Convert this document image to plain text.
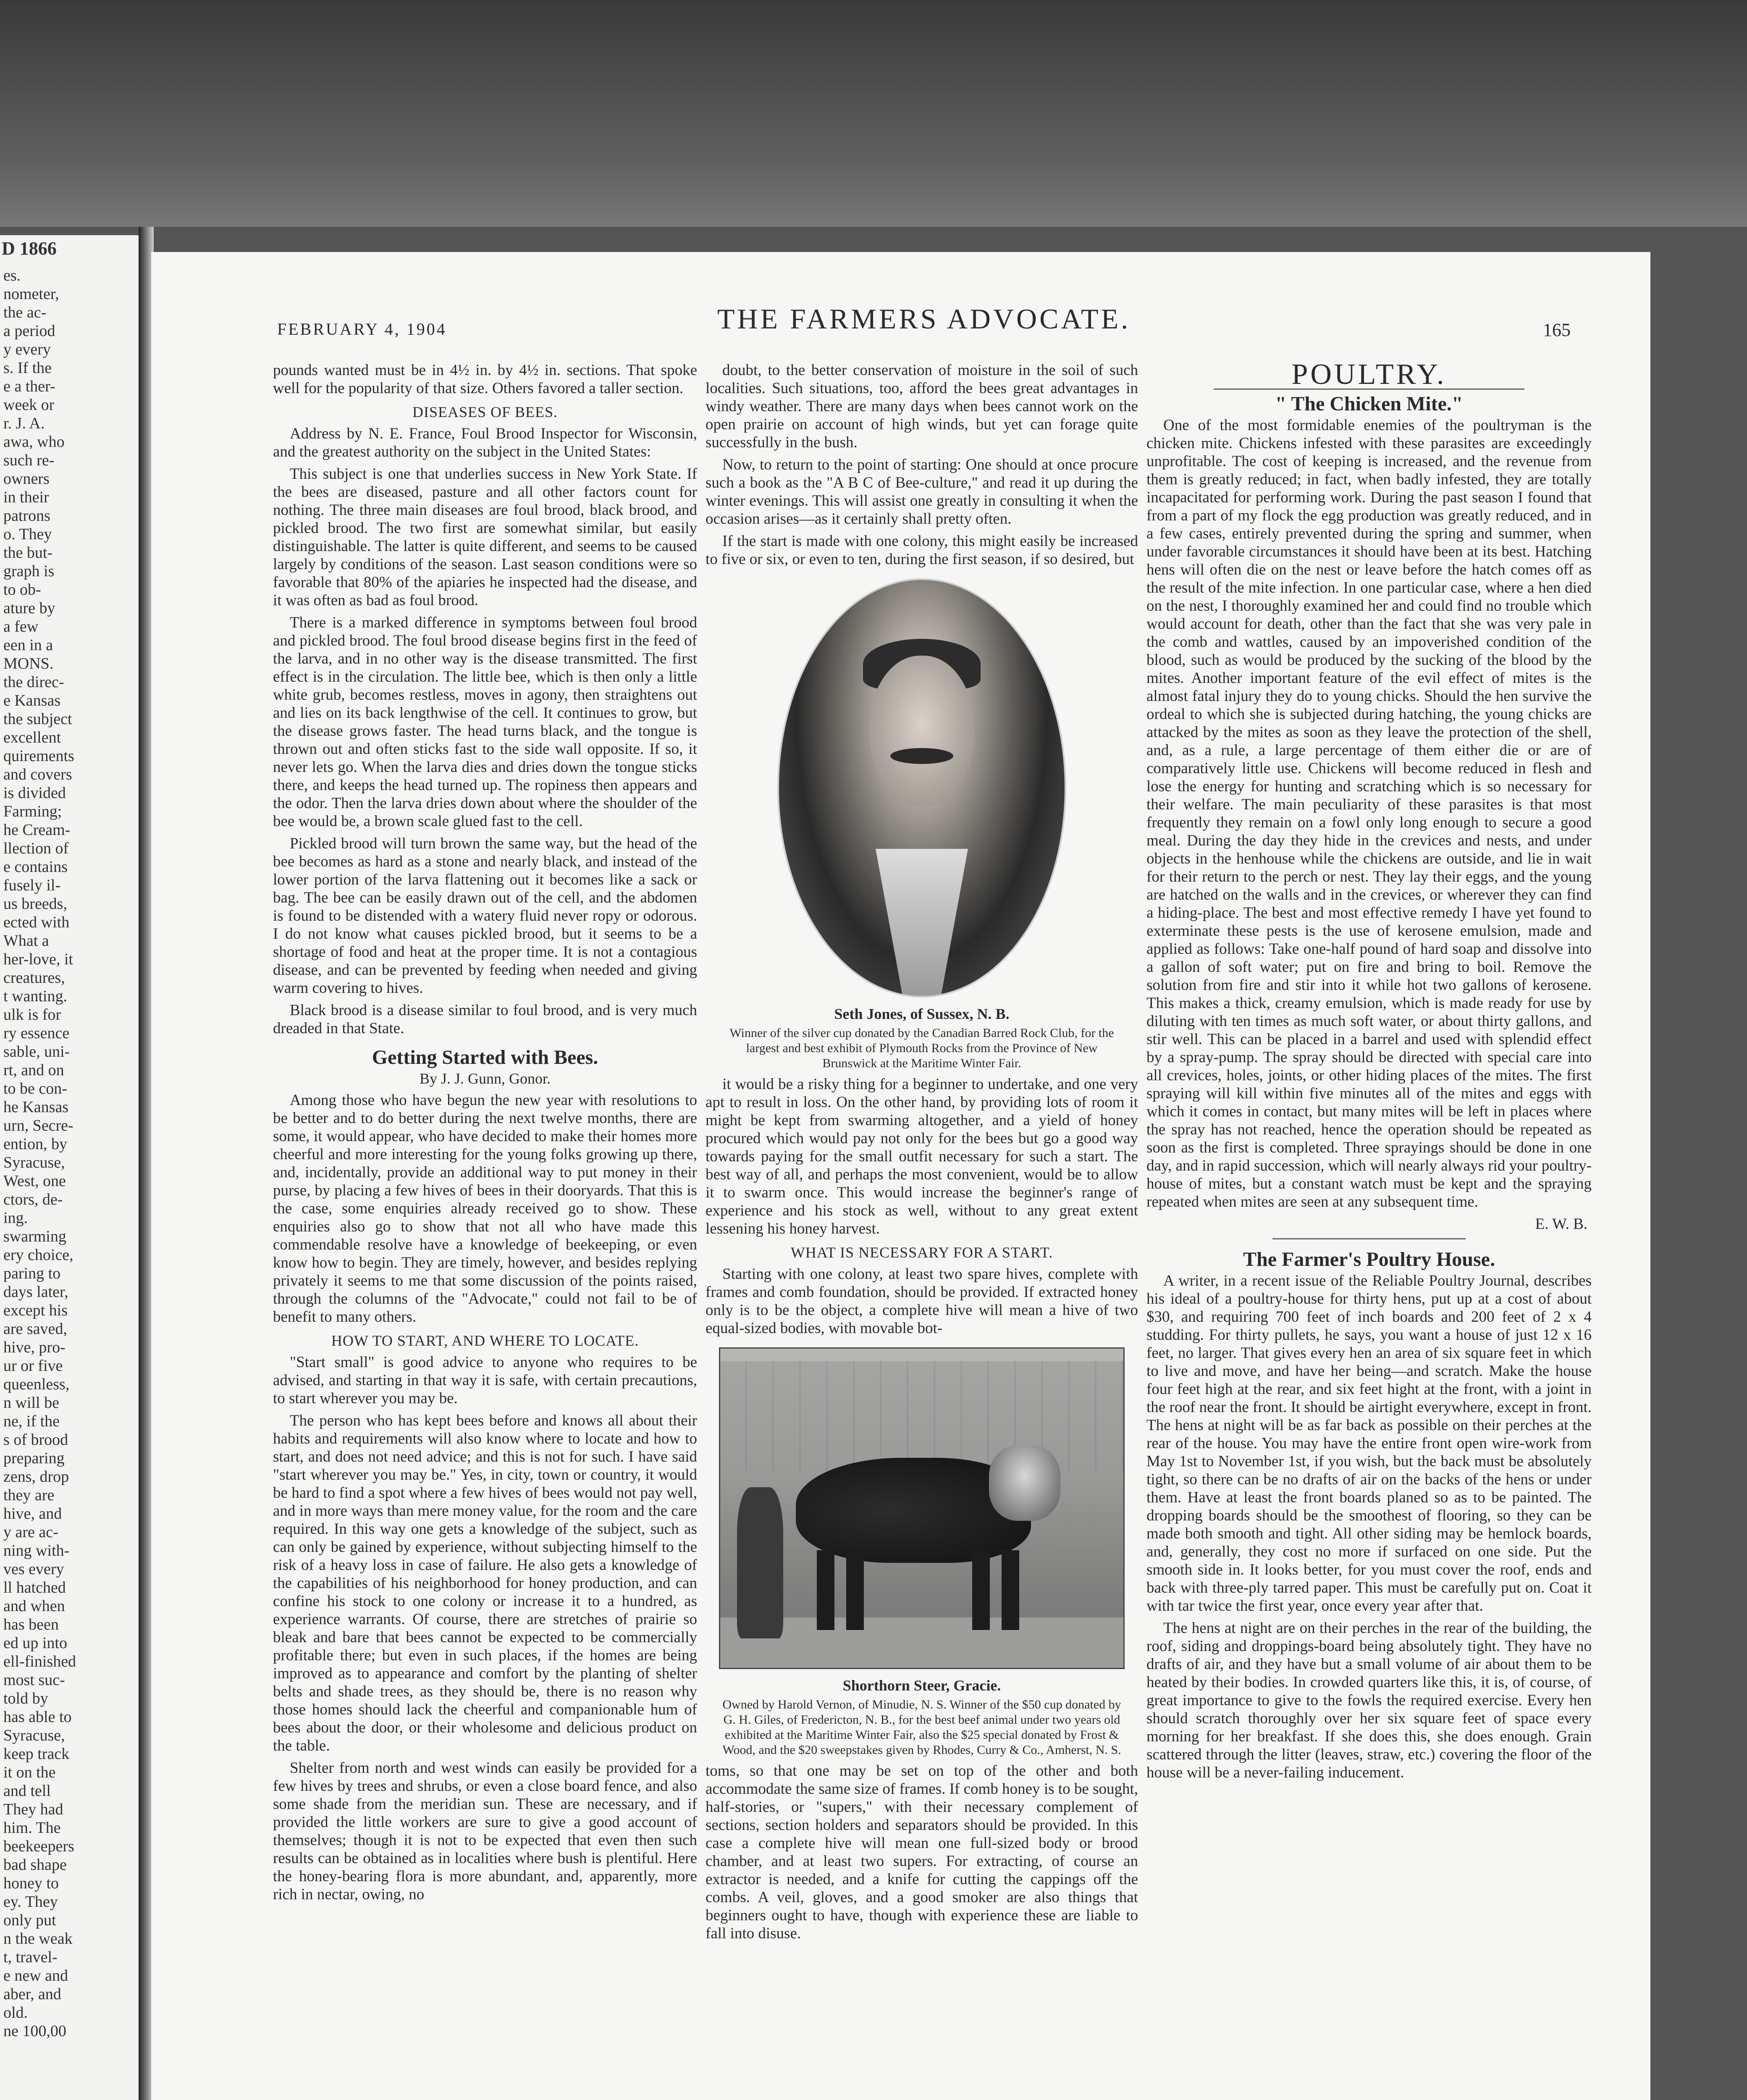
D 1866
es.
nometer,
the ac-
a period
y every
s. If the
e a ther-
week or
r. J. A.
awa, who
such re-
owners
in their
patrons
o. They
the but-
graph is
to ob-
ature by
a few
een in a
MONS.
the direc-
e Kansas
the subject
excellent
quirements
and covers
is divided
Farming;
he Cream-
llection of
e contains
fusely il-
us breeds,
ected with
What a
her-love, it
creatures,
t wanting.
ulk is for
ry essence
sable, uni-
rt, and on
to be con-
he Kansas
urn, Secre-
ention, by
Syracuse,
West, one
ctors, de-
ing.
swarming
ery choice,
paring to
days later,
except his
are saved,
hive, pro-
ur or five
queenless,
n will be
ne, if the
s of brood
preparing
zens, drop
they are
hive, and
y are ac-
ning with-
ves every
ll hatched
and when
has been
ed up into
ell-finished
most suc-
told by
has able to
Syracuse,
keep track
it on the
and tell
They had
him. The
beekeepers
bad shape
honey to
ey. They
only put
n the weak
t, travel-
e new and
aber, and
old.
ne 100,00
FEBRUARY 4, 1904	THE FARMERS ADVOCATE.	165

pounds wanted must be in 4½ in. by 4½ in. sections. That spoke well for the popularity of that size. Others favored a taller section.

DISEASES OF BEES.

Address by N. E. France, Foul Brood Inspector for Wisconsin, and the greatest authority on the subject in the United States:

This subject is one that underlies success in New York State. If the bees are diseased, pasture and all other factors count for nothing. The three main diseases are foul brood, black brood, and pickled brood. The two first are somewhat similar, but easily distinguishable. The latter is quite different, and seems to be caused largely by conditions of the season. Last season conditions were so favorable that 80% of the apiaries he inspected had the disease, and it was often as bad as foul brood.

There is a marked difference in symptoms between foul brood and pickled brood. The foul brood disease begins first in the feed of the larva, and in no other way is the disease transmitted. The first effect is in the circulation. The little bee, which is then only a little white grub, becomes restless, moves in agony, then straightens out and lies on its back lengthwise of the cell. It continues to grow, but the disease grows faster. The head turns black, and the tongue is thrown out and often sticks fast to the side wall opposite. If so, it never lets go. When the larva dies and dries down the tongue sticks there, and keeps the head turned up. The ropiness then appears and the odor. Then the larva dries down about where the shoulder of the bee would be, a brown scale glued fast to the cell.

Pickled brood will turn brown the same way, but the head of the bee becomes as hard as a stone and nearly black, and instead of the lower portion of the larva flattening out it becomes like a sack or bag. The bee can be easily drawn out of the cell, and the abdomen is found to be distended with a watery fluid never ropy or odorous. I do not know what causes pickled brood, but it seems to be a shortage of food and heat at the proper time. It is not a contagious disease, and can be prevented by feeding when needed and giving warm covering to hives.

Black brood is a disease similar to foul brood, and is very much dreaded in that State.

Getting Started with Bees.
By J. J. Gunn, Gonor.

Among those who have begun the new year with resolutions to be better and to do better during the next twelve months, there are some, it would appear, who have decided to make their homes more cheerful and more interesting for the young folks growing up there, and, incidentally, provide an additional way to put money in their purse, by placing a few hives of bees in their dooryards. That this is the case, some enquiries already received go to show. These enquiries also go to show that not all who have made this commendable resolve have a knowledge of beekeeping, or even know how to begin. They are timely, however, and besides replying privately it seems to me that some discussion of the points raised, through the columns of the "Advocate," could not fail to be of benefit to many others.

HOW TO START, AND WHERE TO LOCATE.

"Start small" is good advice to anyone who requires to be advised, and starting in that way it is safe, with certain precautions, to start wherever you may be.

The person who has kept bees before and knows all about their habits and requirements will also know where to locate and how to start, and does not need advice; and this is not for such. I have said "start wherever you may be." Yes, in city, town or country, it would be hard to find a spot where a few hives of bees would not pay well, and in more ways than mere money value, for the room and the care required. In this way one gets a knowledge of the subject, such as can only be gained by experience, without subjecting himself to the risk of a heavy loss in case of failure. He also gets a knowledge of the capabilities of his neighborhood for honey production, and can confine his stock to one colony or increase it to a hundred, as experience warrants. Of course, there are stretches of prairie so bleak and bare that bees cannot be expected to be commercially profitable there; but even in such places, if the homes are being improved as to appearance and comfort by the planting of shelter belts and shade trees, as they should be, there is no reason why those homes should lack the cheerful and companionable hum of bees about the door, or their wholesome and delicious product on the table.

Shelter from north and west winds can easily be provided for a few hives by trees and shrubs, or even a close board fence, and also some shade from the meridian sun. These are necessary, and if provided the little workers are sure to give a good account of themselves; though it is not to be expected that even then such results can be obtained as in localities where bush is plentiful. Here the honey-bearing flora is more abundant, and, apparently, more rich in nectar, owing, no

doubt, to the better conservation of moisture in the soil of such localities. Such situations, too, afford the bees great advantages in windy weather. There are many days when bees cannot work on the open prairie on account of high winds, but yet can forage quite successfully in the bush.

Now, to return to the point of starting: One should at once procure such a book as the "A B C of Bee-culture," and read it up during the winter evenings. This will assist one greatly in consulting it when the occasion arises—as it certainly shall pretty often.

If the start is made with one colony, this might easily be increased to five or six, or even to ten, during the first season, if so desired, but

Seth Jones, of Sussex, N. B.
Winner of the silver cup donated by the Canadian Barred Rock Club, for the largest and best exhibit of Plymouth Rocks from the Province of New Brunswick at the Maritime Winter Fair.

it would be a risky thing for a beginner to undertake, and one very apt to result in loss. On the other hand, by providing lots of room it might be kept from swarming altogether, and a yield of honey procured which would pay not only for the bees but go a good way towards paying for the small outfit necessary for such a start. The best way of all, and perhaps the most convenient, would be to allow it to swarm once. This would increase the beginner's range of experience and his stock as well, without to any great extent lessening his honey harvest.

WHAT IS NECESSARY FOR A START.

Starting with one colony, at least two spare hives, complete with frames and comb foundation, should be provided. If extracted honey only is to be the object, a complete hive will mean a hive of two equal-sized bodies, with movable bot-

Shorthorn Steer, Gracie.
Owned by Harold Vernon, of Minudie, N. S. Winner of the $50 cup donated by G. H. Giles, of Fredericton, N. B., for the best beef animal under two years old exhibited at the Maritime Winter Fair, also the $25 special donated by Frost & Wood, and the $20 sweepstakes given by Rhodes, Curry & Co., Amherst, N. S.

toms, so that one may be set on top of the other and both accommodate the same size of frames. If comb honey is to be sought, half-stories, or "supers," with their necessary complement of sections, section holders and separators should be provided. In this case a complete hive will mean one full-sized body or brood chamber, and at least two supers. For extracting, of course an extractor is needed, and a knife for cutting the cappings off the combs. A veil, gloves, and a good smoker are also things that beginners ought to have, though with experience these are liable to fall into disuse.

POULTRY.
" The Chicken Mite."

One of the most formidable enemies of the poultryman is the chicken mite. Chickens infested with these parasites are exceedingly unprofitable. The cost of keeping is increased, and the revenue from them is greatly reduced; in fact, when badly infested, they are totally incapacitated for performing work. During the past season I found that from a part of my flock the egg production was greatly reduced, and in a few cases, entirely prevented during the spring and summer, when under favorable circumstances it should have been at its best. Hatching hens will often die on the nest or leave before the hatch comes off as the result of the mite infection. In one particular case, where a hen died on the nest, I thoroughly examined her and could find no trouble which would account for death, other than the fact that she was very pale in the comb and wattles, caused by an impoverished condition of the blood, such as would be produced by the sucking of the blood by the mites. Another important feature of the evil effect of mites is the almost fatal injury they do to young chicks. Should the hen survive the ordeal to which she is subjected during hatching, the young chicks are attacked by the mites as soon as they leave the protection of the shell, and, as a rule, a large percentage of them either die or are of comparatively little use. Chickens will become reduced in flesh and lose the energy for hunting and scratching which is so necessary for their welfare. The main peculiarity of these parasites is that most frequently they remain on a fowl only long enough to secure a good meal. During the day they hide in the crevices and nests, and under objects in the henhouse while the chickens are outside, and lie in wait for their return to the perch or nest. They lay their eggs, and the young are hatched on the walls and in the crevices, or wherever they can find a hiding-place. The best and most effective remedy I have yet found to exterminate these pests is the use of kerosene emulsion, made and applied as follows: Take one-half pound of hard soap and dissolve into a gallon of soft water; put on fire and bring to boil. Remove the solution from fire and stir into it while hot two gallons of kerosene. This makes a thick, creamy emulsion, which is made ready for use by diluting with ten times as much soft water, or about thirty gallons, and stir well. This can be placed in a barrel and used with splendid effect by a spray-pump. The spray should be directed with special care into all crevices, holes, joints, or other hiding places of the mites. The first spraying will kill within five minutes all of the mites and eggs with which it comes in contact, but many mites will be left in places where the spray has not reached, hence the operation should be repeated as soon as the first is completed. Three sprayings should be done in one day, and in rapid succession, which will nearly always rid your poultry-house of mites, but a constant watch must be kept and the spraying repeated when mites are seen at any subsequent time.

E. W. B.
The Farmer's Poultry House.

A writer, in a recent issue of the Reliable Poultry Journal, describes his ideal of a poultry-house for thirty hens, put up at a cost of about $30, and requiring 700 feet of inch boards and 200 feet of 2 x 4 studding. For thirty pullets, he says, you want a house of just 12 x 16 feet, no larger. That gives every hen an area of six square feet in which to live and move, and have her being—and scratch. Make the house four feet high at the rear, and six feet hight at the front, with a joint in the roof near the front. It should be airtight everywhere, except in front. The hens at night will be as far back as possible on their perches at the rear of the house. You may have the entire front open wire-work from May 1st to November 1st, if you wish, but the back must be absolutely tight, so there can be no drafts of air on the backs of the hens or under them. Have at least the front boards planed so as to be painted. The dropping boards should be the smoothest of flooring, so they can be made both smooth and tight. All other siding may be hemlock boards, and, generally, they cost no more if surfaced on one side. Put the smooth side in. It looks better, for you must cover the roof, ends and back with three-ply tarred paper. This must be carefully put on. Coat it with tar twice the first year, once every year after that.

The hens at night are on their perches in the rear of the building, the roof, siding and droppings-board being absolutely tight. They have no drafts of air, and they have but a small volume of air about them to be heated by their bodies. In crowded quarters like this, it is, of course, of great importance to give to the fowls the required exercise. Every hen should scratch thoroughly over her six square feet of space every morning for her breakfast. If she does this, she does enough. Grain scattered through the litter (leaves, straw, etc.) covering the floor of the house will be a never-failing inducement.
